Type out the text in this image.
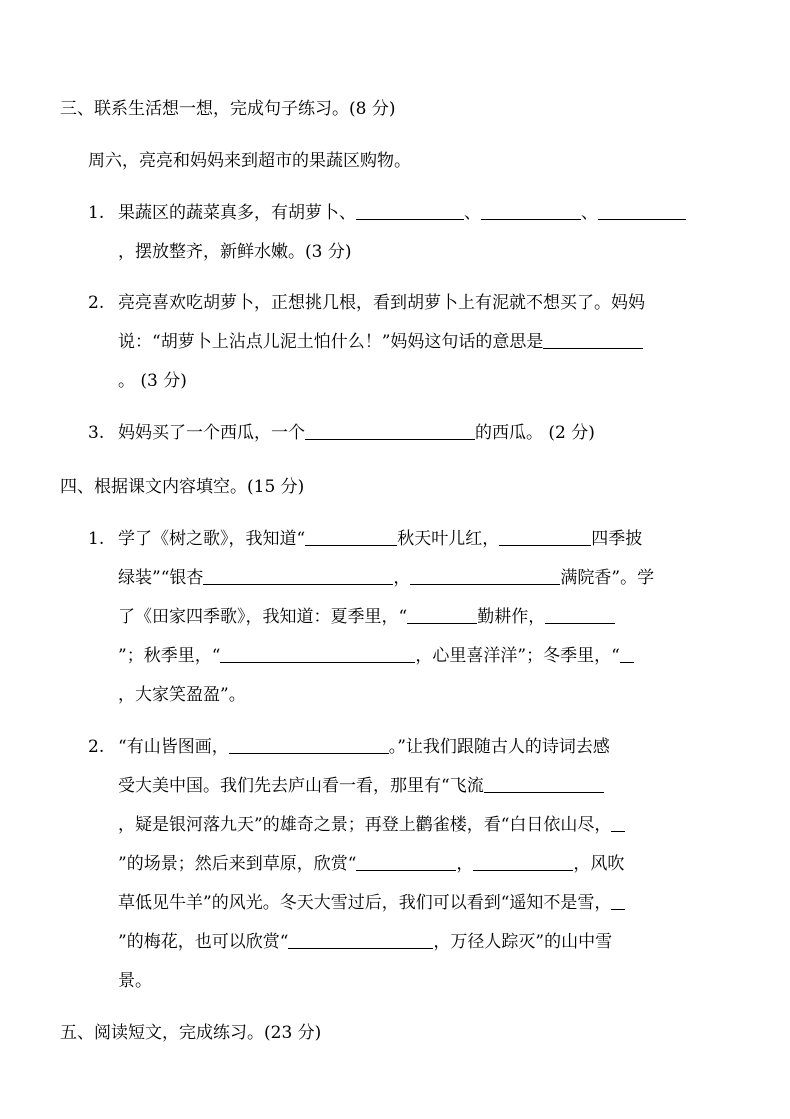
三、联系生活想一想，完成句子练习。(8 分)
周六，亮亮和妈妈来到超市的果蔬区购物。
1. 果蔬区的蔬菜真多，有胡萝卜、	、	、
，摆放整齐，新鲜水嫩。(3 分)
2. 亮亮喜欢吃胡萝卜，正想挑几根，看到胡萝卜上有泥就不想买了。妈妈
说：“胡萝卜上沾点儿泥土怕什么！”妈妈这句话的意思是
。 (3 分)
3. 妈妈买了一个西瓜，一个	的西瓜。 (2 分)
四、根据课文内容填空。(15 分)
1. 学了《树之歌》，我知道“	秋天叶儿红，	四季披
绿装”“银杏	，	满院香”。学
了《田家四季歌》，我知道：夏季里，“	勤耕作，
”；秋季里，“	，心里喜洋洋”；冬季里，“
，大家笑盈盈”。
2. “有山皆图画，	。”让我们跟随古人的诗词去感
受大美中国。我们先去庐山看一看，那里有“飞流
，疑是银河落九天”的雄奇之景；再登上鹳雀楼，看“白日依山尽，
”的场景；然后来到草原，欣赏“	，	，风吹
草低见牛羊”的风光。冬天大雪过后，我们可以看到“遥知不是雪，
”的梅花，也可以欣赏“	，万径人踪灭”的山中雪
景。
五、阅读短文，完成练习。(23 分)
